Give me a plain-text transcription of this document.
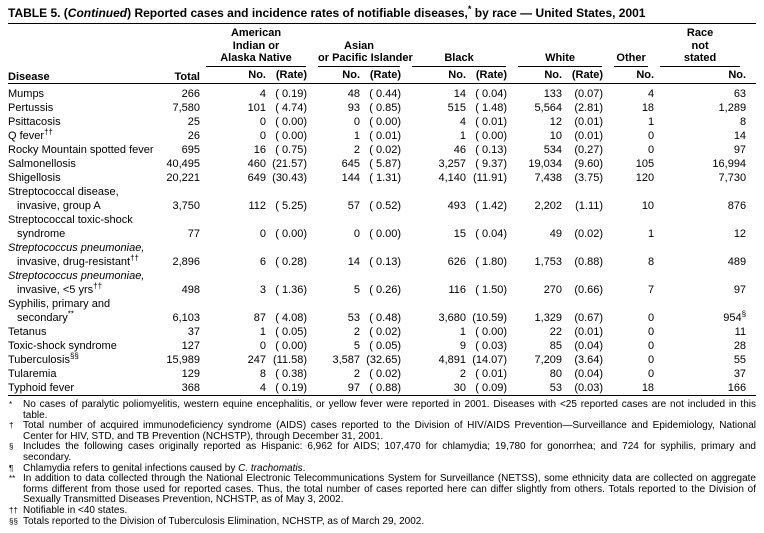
TABLE 5. (Continued) Reported cases and incidence rates of notifiable diseases,* by race — United States, 2001
Disease	Total	
American
Indian or
Alaska Native

Asian
or Pacific Islander	Black	White	Other

Race
not
stated

		No.	(Rate)	No.	(Rate)	No.	(Rate)	No.	(Rate)	No.	No.

Mumps	266	4	( 0.19)	48	( 0.44)	14	( 0.04)	133	(0.07)	4	63

Pertussis	7,580	101	( 4.74)	93	( 0.85)	515	( 1.48)	5,564	(2.81)	18	1,289

Psittacosis	25	0	( 0.00)	0	( 0.00)	4	( 0.01)	12	(0.01)	1	8

Q fever††	26	0	( 0.00)	1	( 0.01)	1	( 0.00)	10	(0.01)	0	14

Rocky Mountain spotted fever	695	16	( 0.75)	2	( 0.02)	46	( 0.13)	534	(0.27)	0	97

Salmonellosis	40,495	460	(21.57)	645	( 5.87)	3,257	( 9.37)	19,034	(9.60)	105	16,994

Shigellosis	20,221	649	(30.43)	144	( 1.31)	4,140	(11.91)	7,438	(3.75)	120	7,730

Streptococcal disease,
invasive, group A	3,750	112	( 5.25)	57	( 0.52)	493	( 1.42)	2,202	(1.11)	10	876

Streptococcal toxic-shock
syndrome	77	0	( 0.00)	0	( 0.00)	15	( 0.04)	49	(0.02)	1	12

Streptococcus pneumoniae,
invasive, drug-resistant††	2,896	6	( 0.28)	14	( 0.13)	626	( 1.80)	1,753	(0.88)	8	489

Streptococcus pneumoniae,
invasive, <5 yrs††	498	3	( 1.36)	5	( 0.26)	116	( 1.50)	270	(0.66)	7	97

Syphilis, primary and
secondary**	6,103	87	( 4.08)	53	( 0.48)	3,680	(10.59)	1,329	(0.67)	0	954§

Tetanus	37	1	( 0.05)	2	( 0.02)	1	( 0.00)	22	(0.01)	0	11

Toxic-shock syndrome	127	0	( 0.00)	5	( 0.05)	9	( 0.03)	85	(0.04)	0	28

Tuberculosis§§	15,989	247	(11.58)	3,587	(32.65)	4,891	(14.07)	7,209	(3.64)	0	55

Tularemia	129	8	( 0.38)	2	( 0.02)	2	( 0.01)	80	(0.04)	0	37

Typhoid fever	368	4	( 0.19)	97	( 0.88)	30	( 0.09)	53	(0.03)	18	166
* No cases of paralytic poliomyelitis, western equine encephalitis, or yellow fever were reported in 2001. Diseases with <25 reported cases are not included in this table.
† Total number of acquired immunodeficiency syndrome (AIDS) cases reported to the Division of HIV/AIDS Prevention—Surveillance and Epidemiology, National Center for HIV, STD, and TB Prevention (NCHSTP), through December 31, 2001.
§ Includes the following cases originally reported as Hispanic: 6,962 for AIDS; 107,470 for chlamydia; 19,780 for gonorrhea; and 724 for syphilis, primary and secondary.
¶ Chlamydia refers to genital infections caused by C. trachomatis.
** In addition to data collected through the National Electronic Telecommunications System for Surveillance (NETSS), some ethnicity data are collected on aggregate forms different from those used for reported cases. Thus, the total number of cases reported here can differ slightly from others. Totals reported to the Division of Sexually Transmitted Diseases Prevention, NCHSTP, as of May 3, 2002.
†† Notifiable in <40 states.
§§ Totals reported to the Division of Tuberculosis Elimination, NCHSTP, as of March 29, 2002.
